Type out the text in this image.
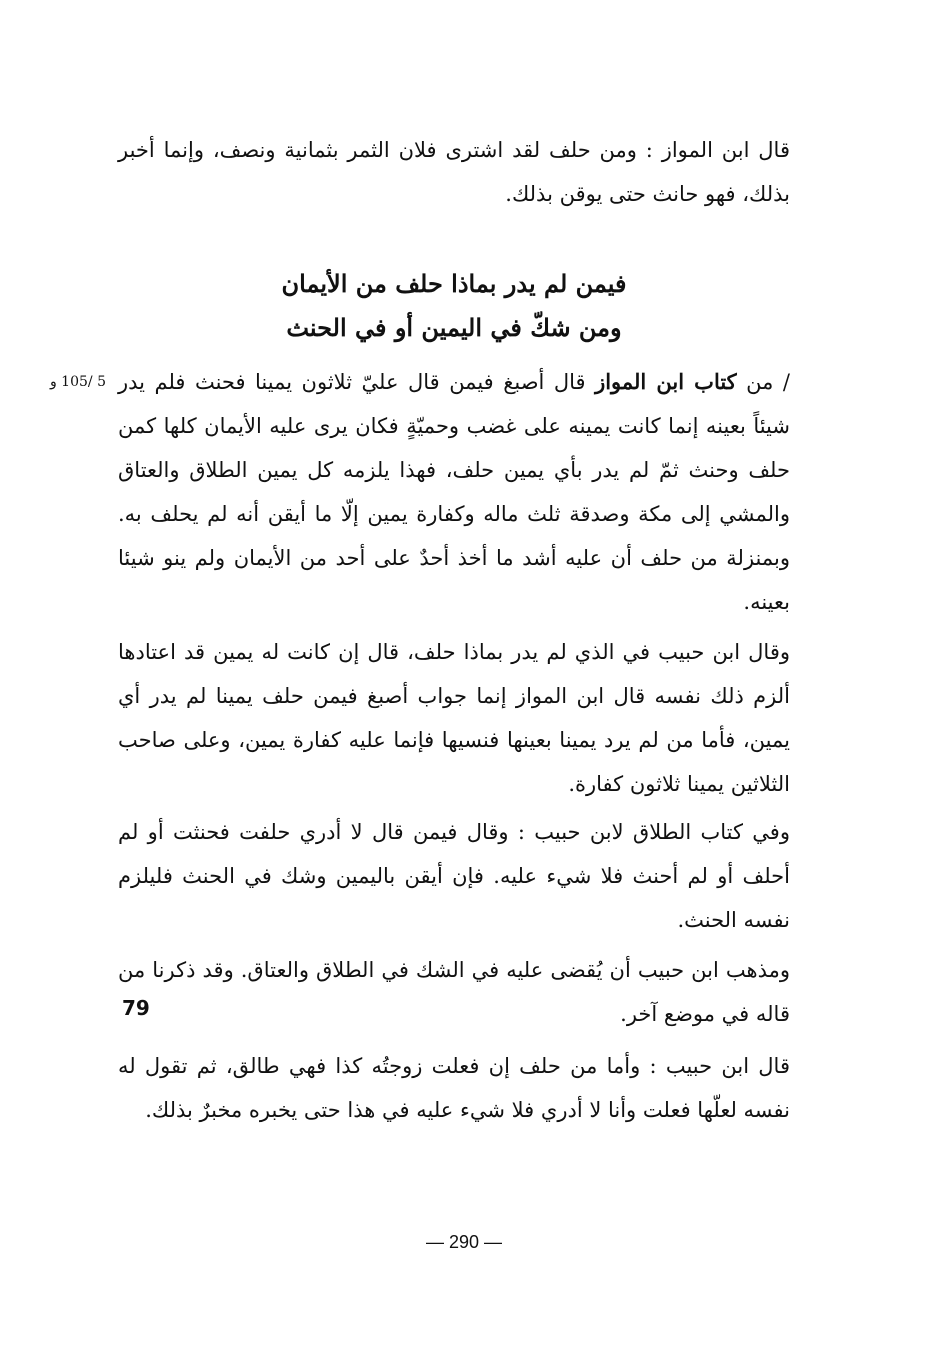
قال ابن المواز : ومن حلف لقد اشترى فلان الثمر بثمانية ونصف، وإنما أخبر بذلك، فهو حانث حتى يوقن بذلك.

فيمن لم يدر بماذا حلف من الأيمان
ومن شكّ في اليمين أو في الحنث
5 /105 و	/ من كتاب ابن المواز قال أصبغ فيمن قال عليّ ثلاثون يمينا فحنث فلم يدر شيئاً بعينه إنما كانت يمينه على غضب وحميّةٍ فكان يرى عليه الأيمان كلها كمن حلف وحنث ثمّ لم يدر بأي يمين حلف، فهذا يلزمه كل يمين الطلاق والعتاق والمشي إلى مكة وصدقة ثلث ماله وكفارة يمين إلّا ما أيقن أنه لم يحلف به. وبمنزلة من حلف أن عليه أشد ما أخذ أحدٌ على أحد من الأيمان ولم ينو شيئا بعينه.

وقال ابن حبيب في الذي لم يدر بماذا حلف، قال إن كانت له يمين قد اعتادها ألزم ذلك نفسه قال ابن المواز إنما جواب أصبغ فيمن حلف يمينا لم يدر أي يمين، فأما من لم يرد يمينا بعينها فنسيها فإنما عليه كفارة يمين، وعلى صاحب الثلاثين يمينا ثلاثون كفارة.

وفي كتاب الطلاق لابن حبيب : وقال فيمن قال لا أدري حلفت فحنثت أو لم أحلف أو لم أحنث فلا شيء عليه. فإن أيقن باليمين وشك في الحنث فليلزم نفسه الحنث.

ومذهب ابن حبيب أن يُقضى عليه في الشك في الطلاق والعتاق. وقد ذكرنا من قاله في موضع آخر.

79

قال ابن حبيب : وأما من حلف إن فعلت زوجتُه كذا فهي طالق، ثم تقول له نفسه لعلّها فعلت وأنا لا أدري فلا شيء عليه في هذا حتى يخبره مخبرٌ بذلك.

— 290 —
